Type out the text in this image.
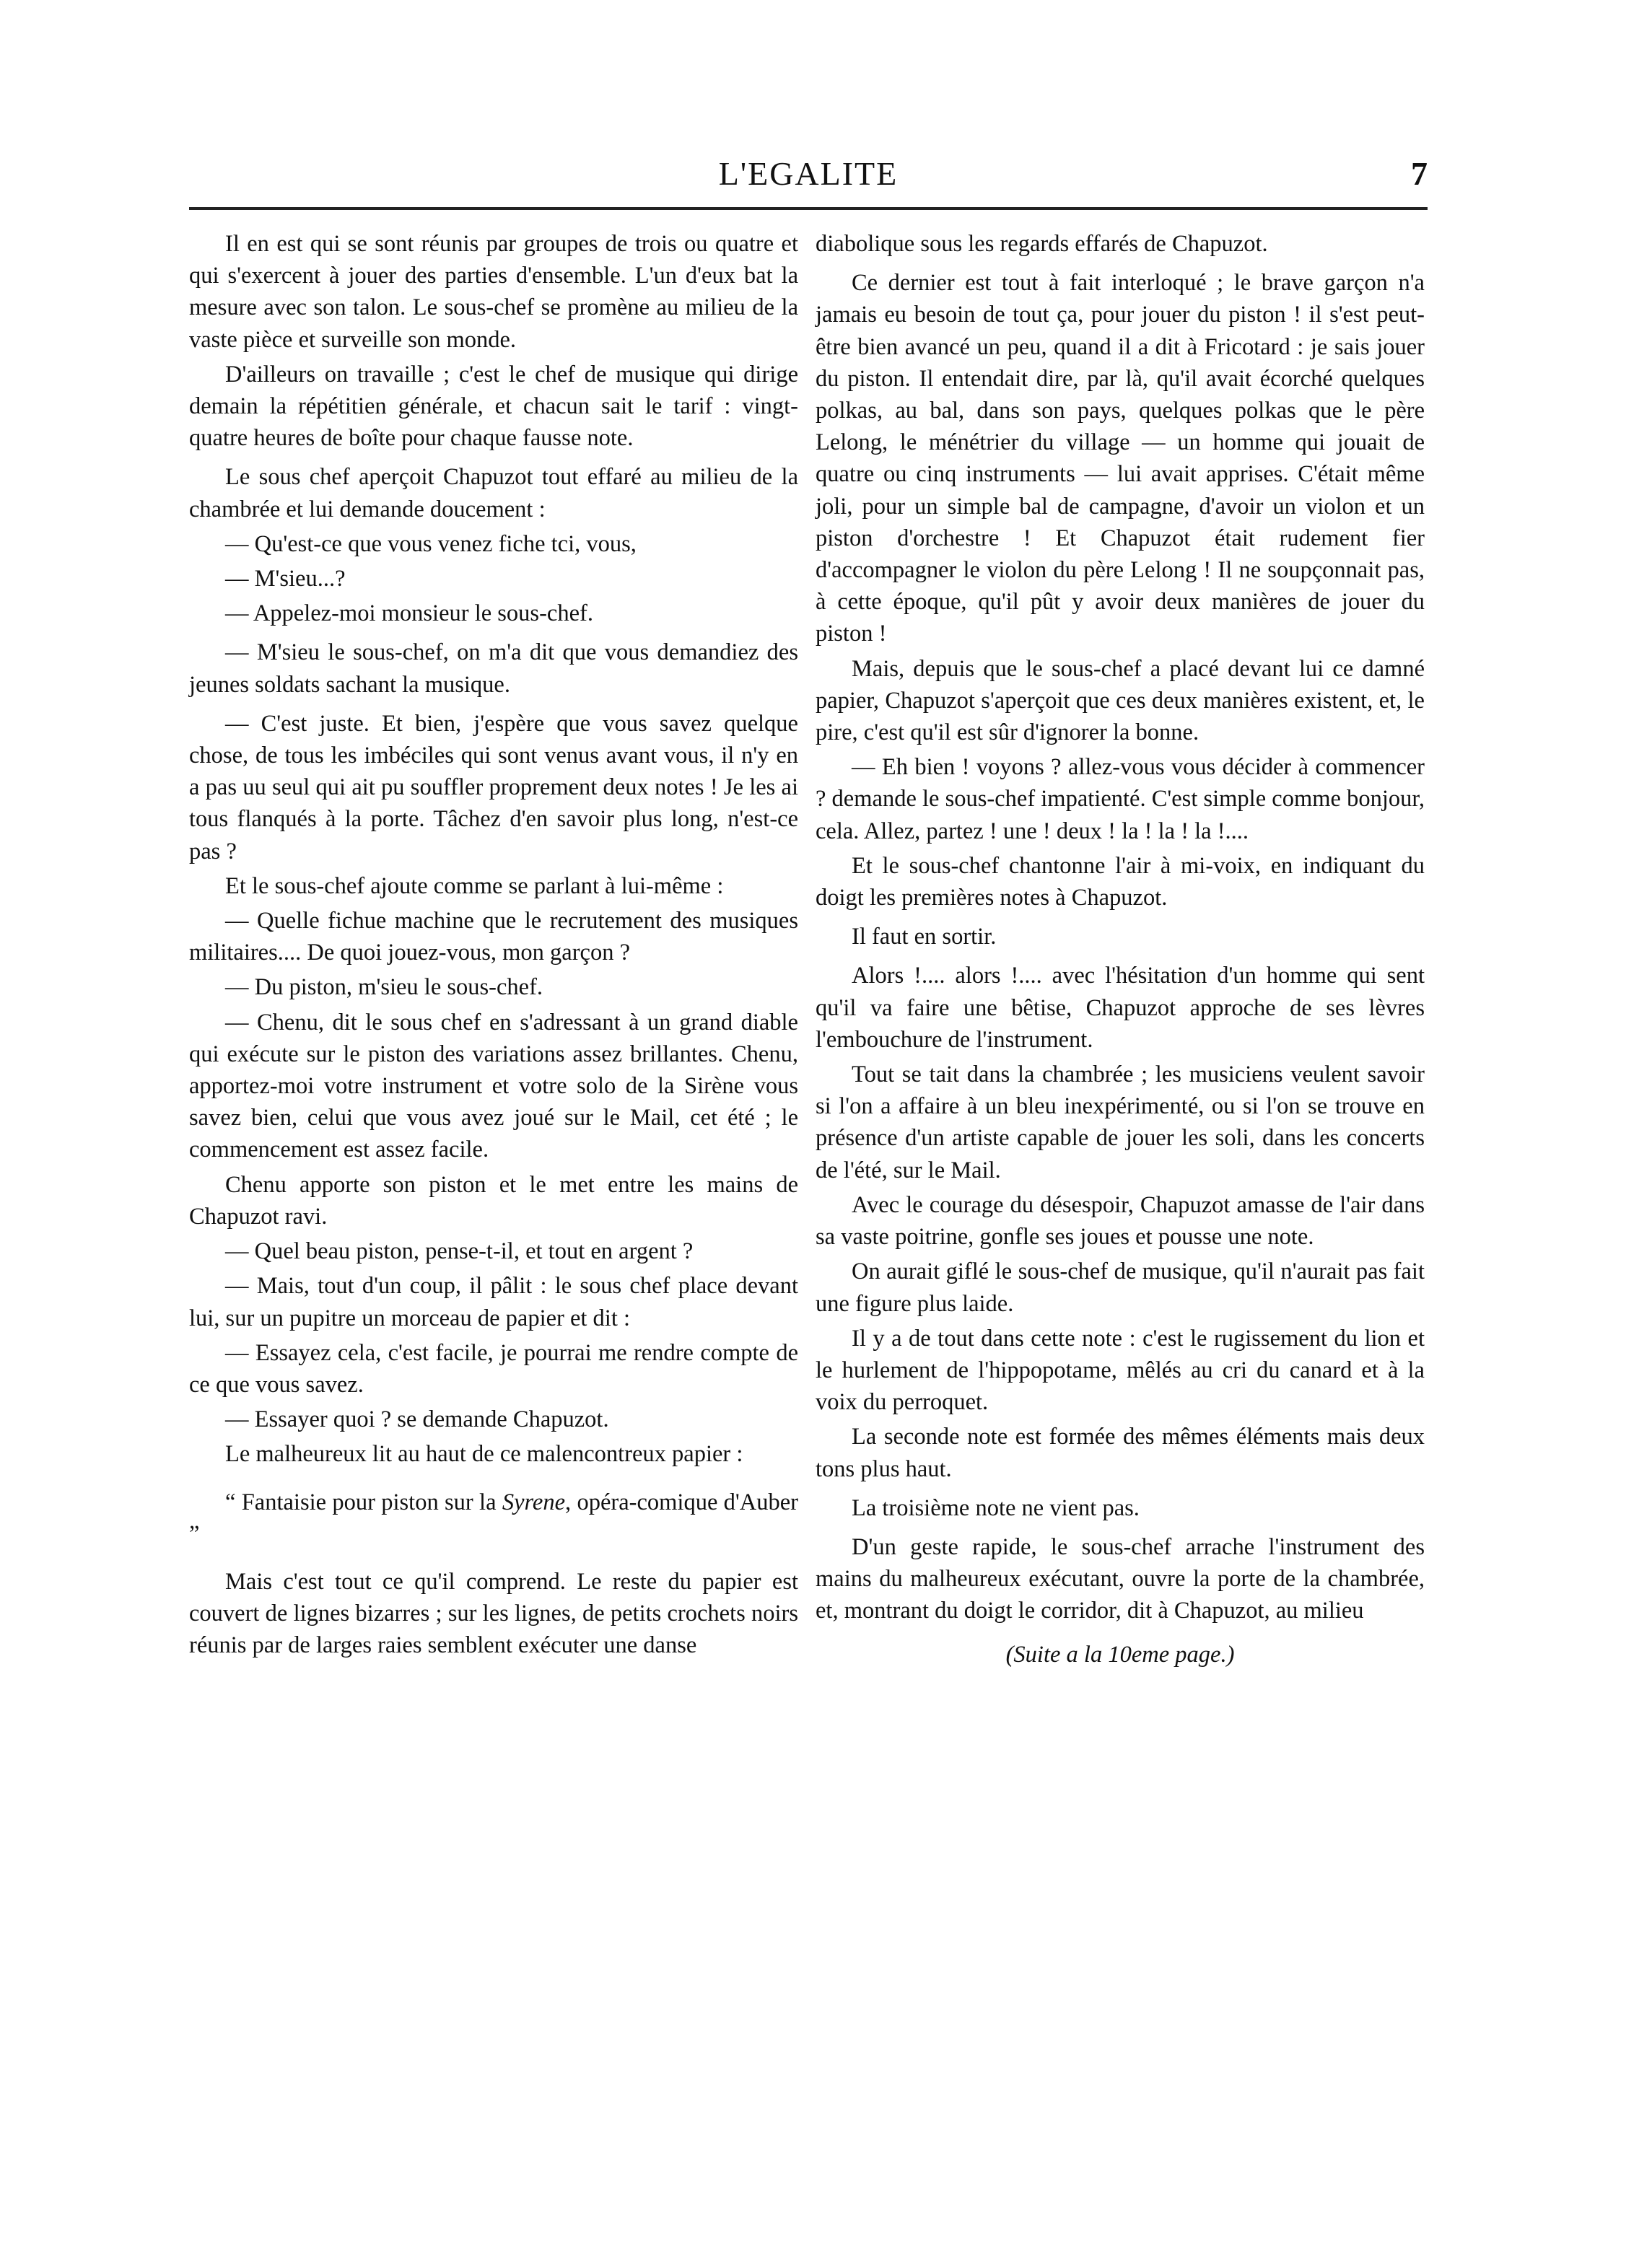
L'EGALITE	7

Il en est qui se sont réunis par groupes de trois ou quatre et qui s'exercent à jouer des parties d'ensemble. L'un d'eux bat la mesure avec son talon. Le sous-chef se promène au milieu de la vaste pièce et surveille son monde.

D'ailleurs on travaille ; c'est le chef de musique qui dirige demain la répétitien générale, et chacun sait le tarif : vingt-quatre heures de boîte pour chaque fausse note.

Le sous chef aperçoit Chapuzot tout effaré au milieu de la chambrée et lui demande doucement :

— Qu'est-ce que vous venez fiche tci, vous,

— M'sieu...?

— Appelez-moi monsieur le sous-chef.

— M'sieu le sous-chef, on m'a dit que vous demandiez des jeunes soldats sachant la musique.

— C'est juste. Et bien, j'espère que vous savez quelque chose, de tous les imbéciles qui sont venus avant vous, il n'y en a pas uu seul qui ait pu souffler proprement deux notes ! Je les ai tous flanqués à la porte. Tâchez d'en savoir plus long, n'est-ce pas ?

Et le sous-chef ajoute comme se parlant à lui-même :

— Quelle fichue machine que le recrutement des musiques militaires.... De quoi jouez-vous, mon garçon ?

— Du piston, m'sieu le sous-chef.

— Chenu, dit le sous chef en s'adressant à un grand diable qui exécute sur le piston des variations assez brillantes. Chenu, apportez-moi votre instrument et votre solo de la Sirène vous savez bien, celui que vous avez joué sur le Mail, cet été ; le commencement est assez facile.

Chenu apporte son piston et le met entre les mains de Chapuzot ravi.

— Quel beau piston, pense-t-il, et tout en argent ?

— Mais, tout d'un coup, il pâlit : le sous chef place devant lui, sur un pupitre un morceau de papier et dit :

— Essayez cela, c'est facile, je pourrai me rendre compte de ce que vous savez.

— Essayer quoi ? se demande Chapuzot.

Le malheureux lit au haut de ce malencontreux papier :

“ Fantaisie pour piston sur la Syrene, opéra-comique d'Auber ”

Mais c'est tout ce qu'il comprend. Le reste du papier est couvert de lignes bizarres ; sur les lignes, de petits crochets noirs réunis par de larges raies semblent exécuter une danse

diabolique sous les regards effarés de Chapuzot.

Ce dernier est tout à fait interloqué ; le brave garçon n'a jamais eu besoin de tout ça, pour jouer du piston ! il s'est peut-être bien avancé un peu, quand il a dit à Fricotard : je sais jouer du piston. Il entendait dire, par là, qu'il avait écorché quelques polkas, au bal, dans son pays, quelques polkas que le père Lelong, le ménétrier du village — un homme qui jouait de quatre ou cinq instruments — lui avait apprises. C'était même joli, pour un simple bal de campagne, d'avoir un violon et un piston d'orchestre ! Et Chapuzot était rudement fier d'accompagner le violon du père Lelong ! Il ne soupçonnait pas, à cette époque, qu'il pût y avoir deux manières de jouer du piston !

Mais, depuis que le sous-chef a placé devant lui ce damné papier, Chapuzot s'aperçoit que ces deux manières existent, et, le pire, c'est qu'il est sûr d'ignorer la bonne.

— Eh bien ! voyons ? allez-vous vous décider à commencer ? demande le sous-chef impatienté. C'est simple comme bonjour, cela. Allez, partez ! une ! deux ! la ! la ! la !....

Et le sous-chef chantonne l'air à mi-voix, en indiquant du doigt les premières notes à Chapuzot.

Il faut en sortir.

Alors !.... alors !.... avec l'hésitation d'un homme qui sent qu'il va faire une bêtise, Chapuzot approche de ses lèvres l'embouchure de l'instrument.

Tout se tait dans la chambrée ; les musiciens veulent savoir si l'on a affaire à un bleu inexpérimenté, ou si l'on se trouve en présence d'un artiste capable de jouer les soli, dans les concerts de l'été, sur le Mail.

Avec le courage du désespoir, Chapuzot amasse de l'air dans sa vaste poitrine, gonfle ses joues et pousse une note.

On aurait giflé le sous-chef de musique, qu'il n'aurait pas fait une figure plus laide.

Il y a de tout dans cette note : c'est le rugissement du lion et le hurlement de l'hippopotame, mêlés au cri du canard et à la voix du perroquet.

La seconde note est formée des mêmes éléments mais deux tons plus haut.

La troisième note ne vient pas.

D'un geste rapide, le sous-chef arrache l'instrument des mains du malheureux exécutant, ouvre la porte de la chambrée, et, montrant du doigt le corridor, dit à Chapuzot, au milieu

(Suite a la 10eme page.)
